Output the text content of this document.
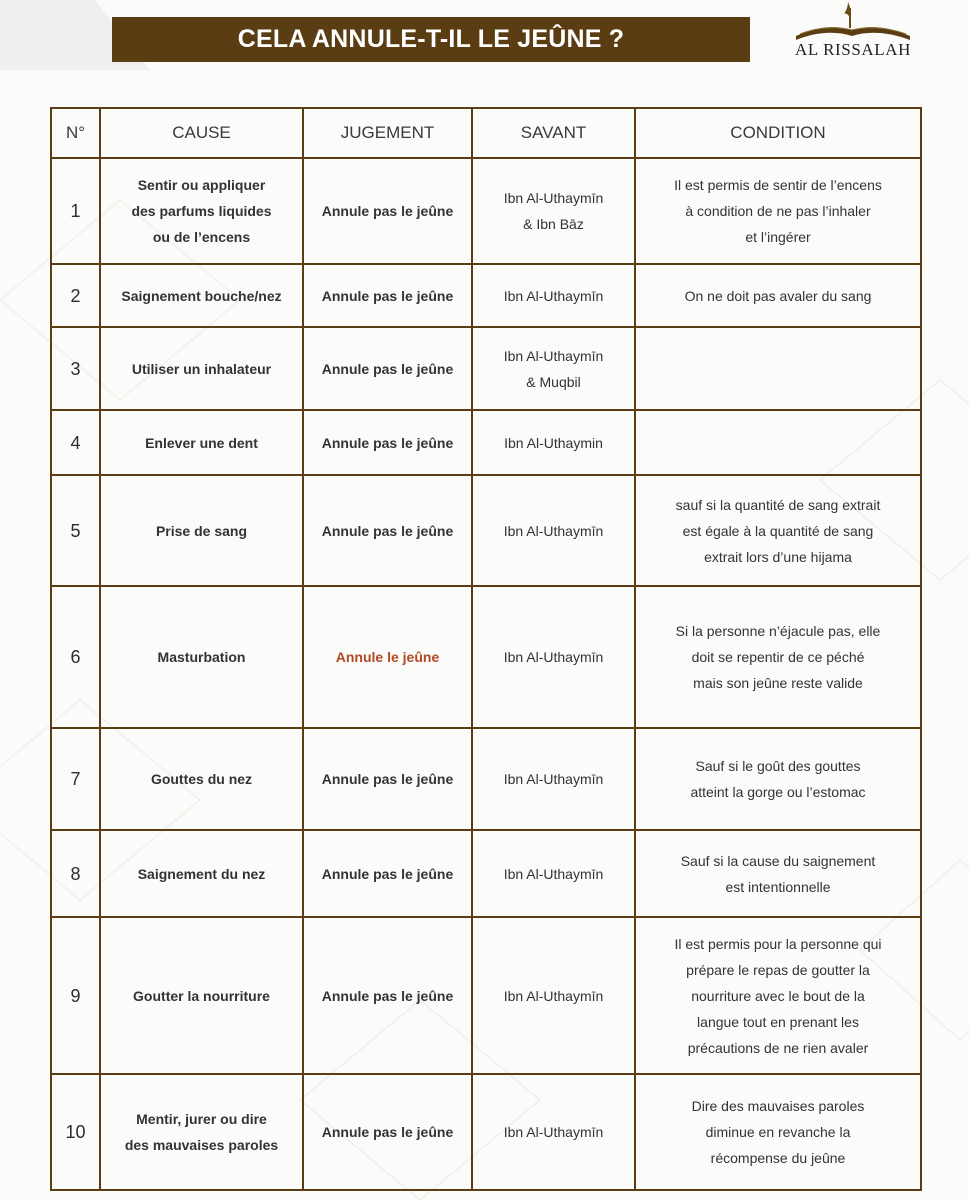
CELA ANNULE-T-IL LE JEÛNE ?	AL RISSALAH
N°	CAUSE	JUGEMENT	SAVANT	CONDITION
1	Sentir ou appliquer
des parfums liquides
ou de l’encens	Annule pas le jeûne	Ibn Al-Uthaymīn
& Ibn Bāz	Il est permis de sentir de l’encens
à condition de ne pas l’inhaler
et l’ingérer

2	Saignement bouche/nez	Annule pas le jeûne	Ibn Al-Uthaymīn	On ne doit pas avaler du sang

3	Utiliser un inhalateur	Annule pas le jeûne	Ibn Al-Uthaymīn
& Muqbil	

4	Enlever une dent	Annule pas le jeûne	Ibn Al-Uthaymin	

5	Prise de sang	Annule pas le jeûne	Ibn Al-Uthaymīn	sauf si la quantité de sang extrait
est égale à la quantité de sang
extrait lors d’une hijama

6	Masturbation	Annule le jeûne	Ibn Al-Uthaymīn	Si la personne n’éjacule pas, elle
doit se repentir de ce péché
mais son jeûne reste valide

7	Gouttes du nez	Annule pas le jeûne	Ibn Al-Uthaymīn	Sauf si le goût des gouttes
atteint la gorge ou l’estomac

8	Saignement du nez	Annule pas le jeûne	Ibn Al-Uthaymīn	Sauf si la cause du saignement
est intentionnelle

9	Goutter la nourriture	Annule pas le jeûne	Ibn Al-Uthaymīn	Il est permis pour la personne qui
prépare le repas de goutter la
nourriture avec le bout de la
langue tout en prenant les
précautions de ne rien avaler

10	Mentir, jurer ou dire
des mauvaises paroles	Annule pas le jeûne	Ibn Al-Uthaymīn	Dire des mauvaises paroles
diminue en revanche la
récompense du jeûne
